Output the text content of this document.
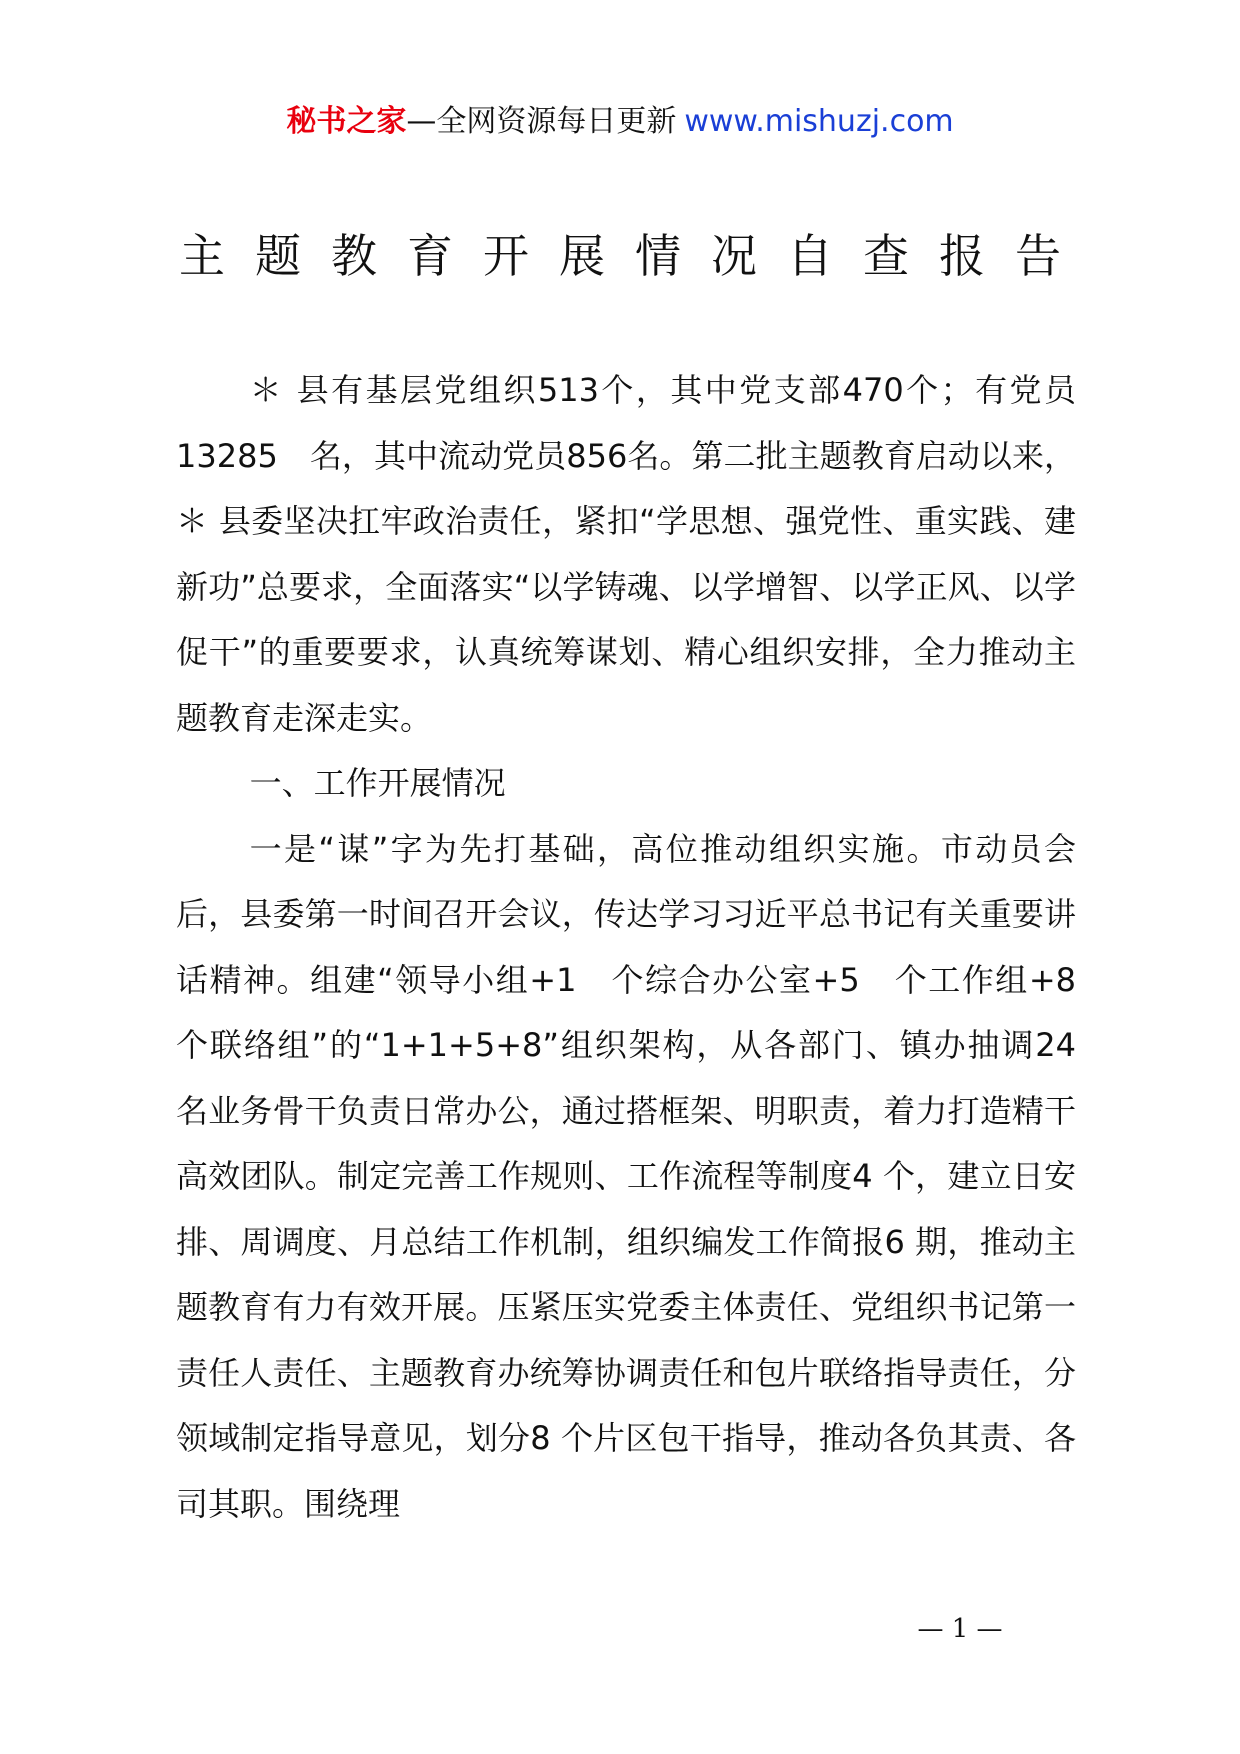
秘书之家—全网资源每日更新 www.mishuzj.com
主题教育开展情况自查报告

＊ 县有基层党组织513个，其中党支部470个；有党员13285　名，其中流动党员856名。第二批主题教育启动以来，＊ 县委坚决扛牢政治责任，紧扣“学思想、强党性、重实践、建新功”总要求，全面落实“以学铸魂、以学增智、以学正风、以学促干”的重要要求，认真统筹谋划、精心组织安排，全力推动主题教育走深走实。

一、工作开展情况

一是“谋”字为先打基础，高位推动组织实施。市动员会后，县委第一时间召开会议，传达学习习近平总书记有关重要讲话精神。组建“领导小组+1　个综合办公室+5　个工作组+8　个联络组”的“1+1+5+8”组织架构，从各部门、镇办抽调24　名业务骨干负责日常办公，通过搭框架、明职责，着力打造精干高效团队。制定完善工作规则、工作流程等制度4 个，建立日安排、周调度、月总结工作机制，组织编发工作简报6 期，推动主题教育有力有效开展。压紧压实党委主体责任、党组织书记第一责任人责任、主题教育办统筹协调责任和包片联络指导责任，分领域制定指导意见，划分8 个片区包干指导，推动各负其责、各司其职。围绕理

— 1 —
